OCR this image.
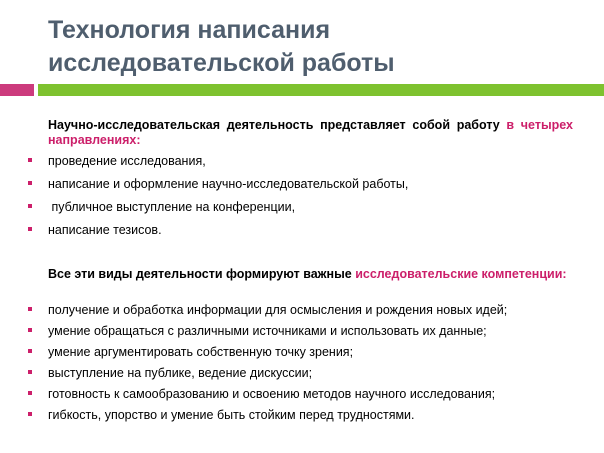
Технология написания
исследовательской работы
Научно-исследовательская деятельность представляет собой работу в четырех направлениях:
проведение исследования,
написание и оформление научно-исследовательской работы,
публичное выступление на конференции,
написание тезисов.
Все эти виды деятельности формируют важные исследовательские компетенции:
получение и обработка информации для осмысления и рождения новых идей;
умение обращаться с различными источниками и использовать их данные;
умение аргументировать собственную точку зрения;
выступление на публике, ведение дискуссии;
готовность к самообразованию и освоению методов научного исследования;
гибкость, упорство и умение быть стойким перед трудностями.
